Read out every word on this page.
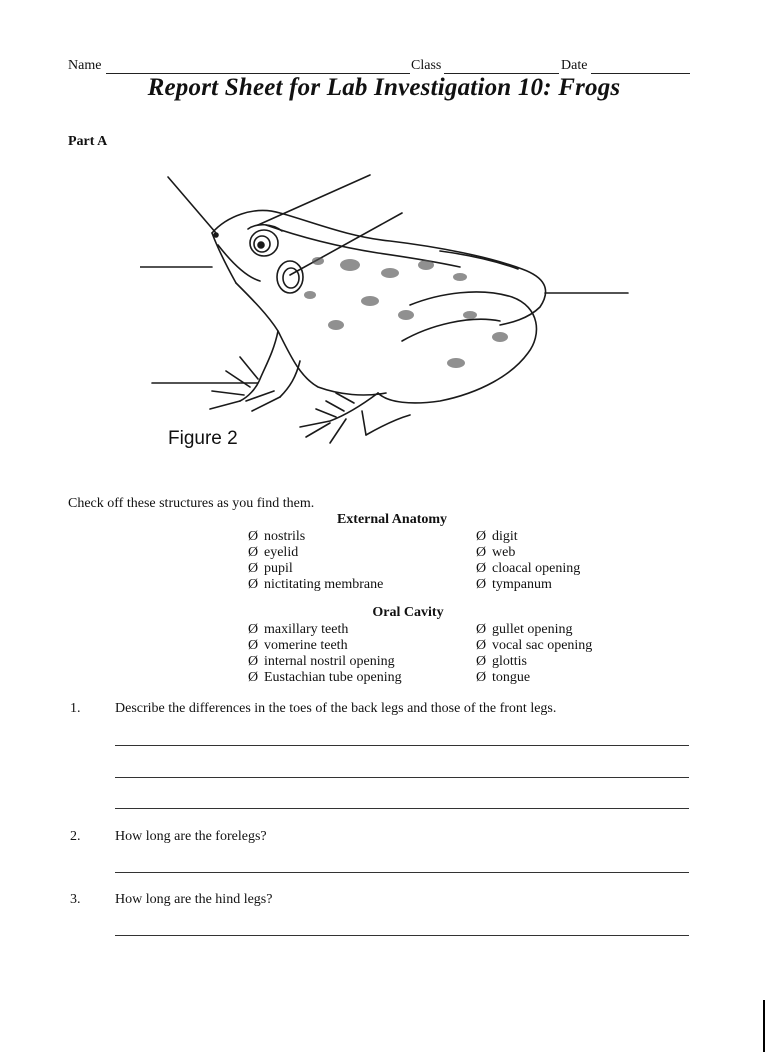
Name	Class	Date
Report Sheet for Lab Investigation 10: Frogs
Part A
Figure 2
Check off these structures as you find them.
External Anatomy
Ø nostrils
Ø eyelid
Ø pupil
Ø nictitating membrane
Ø digit
Ø web
Ø cloacal opening
Ø tympanum
Oral Cavity
Ø maxillary teeth
Ø vomerine teeth
Ø internal nostril opening
Ø Eustachian tube opening
Ø gullet opening
Ø vocal sac opening
Ø glottis
Ø tongue
1. Describe the differences in the toes of the back legs and those of the front legs.
2. How long are the forelegs?
3. How long are the hind legs?
